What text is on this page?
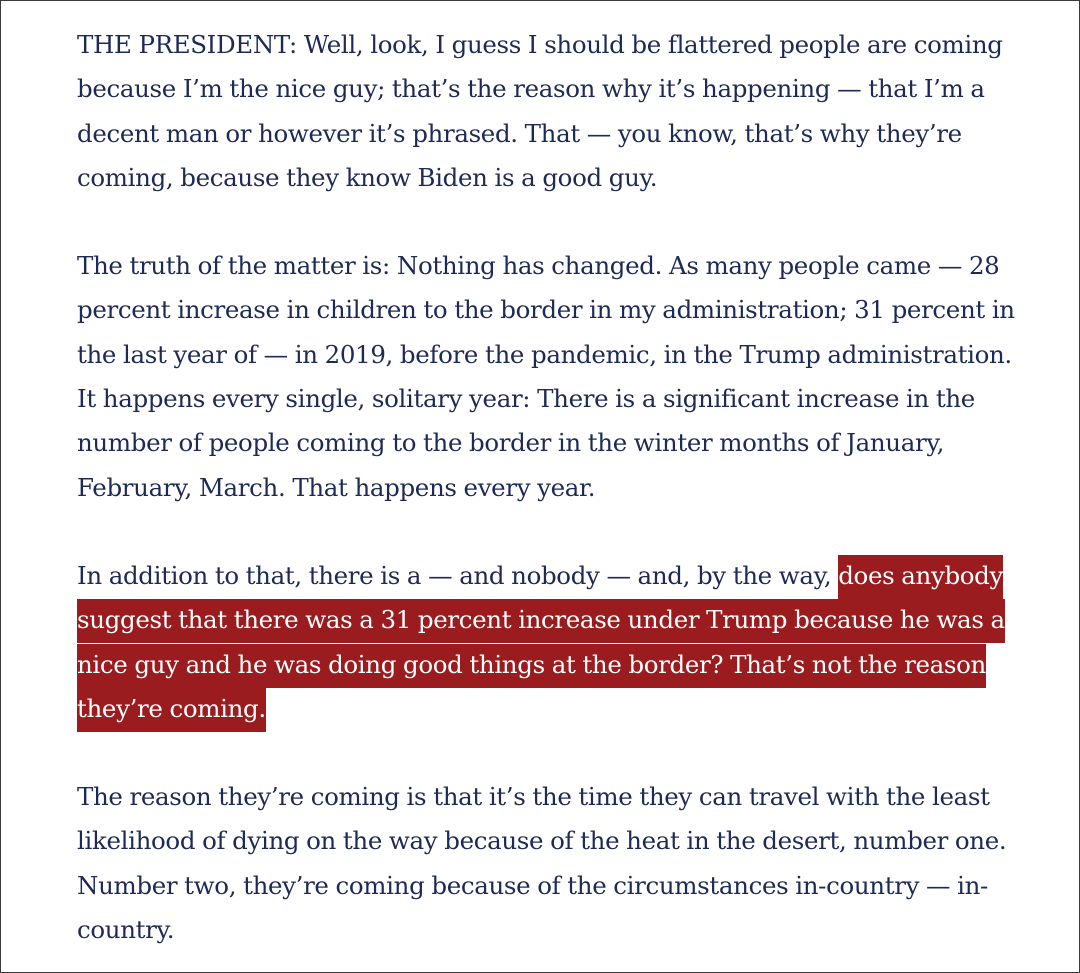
THE PRESIDENT: Well, look, I guess I should be flattered people are coming because I’m the nice guy; that’s the reason why it’s happening — that I’m a decent man or however it’s phrased. That — you know, that’s why they’re coming, because they know Biden is a good guy.

The truth of the matter is: Nothing has changed. As many people came — 28 percent increase in children to the border in my administration; 31 percent in the last year of — in 2019, before the pandemic, in the Trump administration. It happens every single, solitary year: There is a significant increase in the number of people coming to the border in the winter months of January, February, March. That happens every year.

In addition to that, there is a — and nobody — and, by the way, does anybody suggest that there was a 31 percent increase under Trump because he was a nice guy and he was doing good things at the border? That’s not the reason they’re coming.

The reason they’re coming is that it’s the time they can travel with the least likelihood of dying on the way because of the heat in the desert, number one. Number two, they’re coming because of the circumstances in-country — in-country.
